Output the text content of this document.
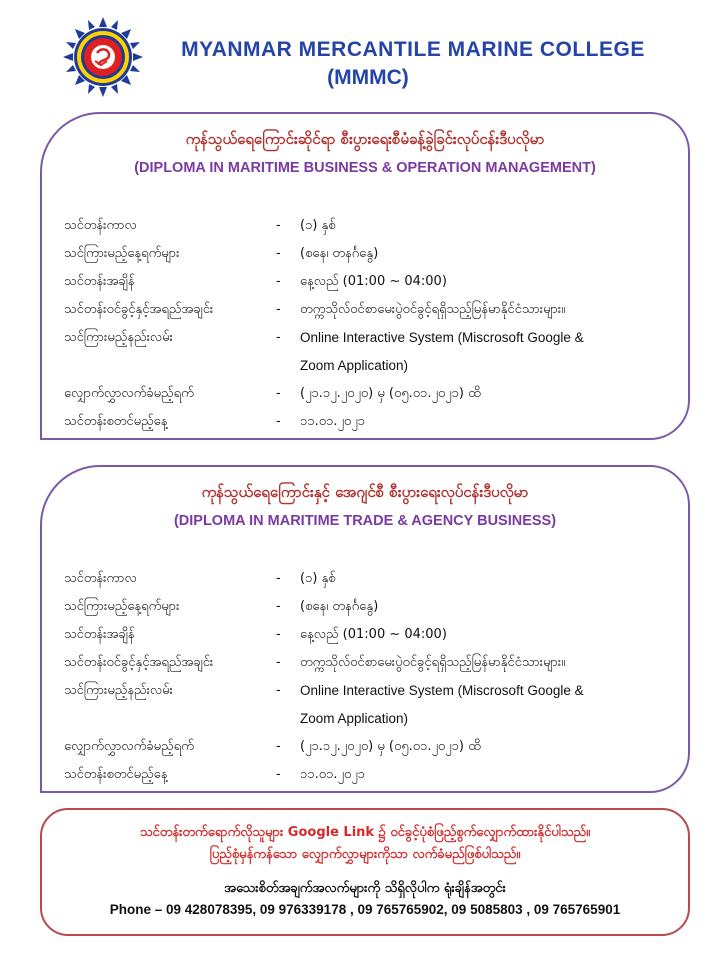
MYANMAR MERCANTILE MARINE COLLEGE
(MMMC)
ကုန်သွယ်ရေကြောင်းဆိုင်ရာ စီးပွားရေးစီမံခန့်ခွဲခြင်းလုပ်ငန်းဒီပလိုမာ
(DIPLOMA IN MARITIME BUSINESS & OPERATION MANAGEMENT)
သင်တန်းကာလ	- (၁) နှစ်
သင်ကြားမည့်နေ့ရက်များ	- (စနေ၊ တနင်္ဂနွေ)
သင်တန်းအချိန်	- နေ့လည် (01:00 ~ 04:00)
သင်တန်းဝင်ခွင့်နှင့်အရည်အချင်း	- တက္ကသိုလ်ဝင်စာမေးပွဲဝင်ခွင့်ရရှိသည့်မြန်မာနိုင်ငံသားများ။
သင်ကြားမည့်နည်းလမ်း	- Online Interactive System (Miscrosoft Google &
Zoom Application)
လျှောက်လွှာလက်ခံမည့်ရက်	- (၂၁.၁၂.၂၀၂၀) မှ (၀၅.၀၁.၂၀၂၁) ထိ
သင်တန်းစတင်မည့်နေ့	- ၁၁.၀၁.၂၀၂၁
ကုန်သွယ်ရေကြောင်းနှင့် အေဂျင်စီ စီးပွားရေးလုပ်ငန်းဒီပလိုမာ
(DIPLOMA IN MARITIME TRADE & AGENCY BUSINESS)
သင်တန်းကာလ	- (၁) နှစ်
သင်ကြားမည့်နေ့ရက်များ	- (စနေ၊ တနင်္ဂနွေ)
သင်တန်းအချိန်	- နေ့လည် (01:00 ~ 04:00)
သင်တန်းဝင်ခွင့်နှင့်အရည်အချင်း	- တက္ကသိုလ်ဝင်စာမေးပွဲဝင်ခွင့်ရရှိသည့်မြန်မာနိုင်ငံသားများ။
သင်ကြားမည့်နည်းလမ်း	- Online Interactive System (Miscrosoft Google &
Zoom Application)
လျှောက်လွှာလက်ခံမည့်ရက်	- (၂၁.၁၂.၂၀၂၀) မှ (၀၅.၀၁.၂၀၂၁) ထိ
သင်တန်းစတင်မည့်နေ့	- ၁၁.၀၁.၂၀၂၁
သင်တန်းတက်ရောက်လိုသူများ Google Link ၌ ဝင်ခွင့်ပုံစံဖြည့်စွက်လျှောက်ထားနိုင်ပါသည်။
ပြည့်စုံမှန်ကန်သော လျှောက်လွှာများကိုသာ လက်ခံမည်ဖြစ်ပါသည်။
အသေးစိတ်အချက်အလက်များကို သိရှိလိုပါက ရုံးချိန်အတွင်း
Phone – 09 428078395, 09 976339178 , 09 765765902, 09 5085803 , 09 765765901
